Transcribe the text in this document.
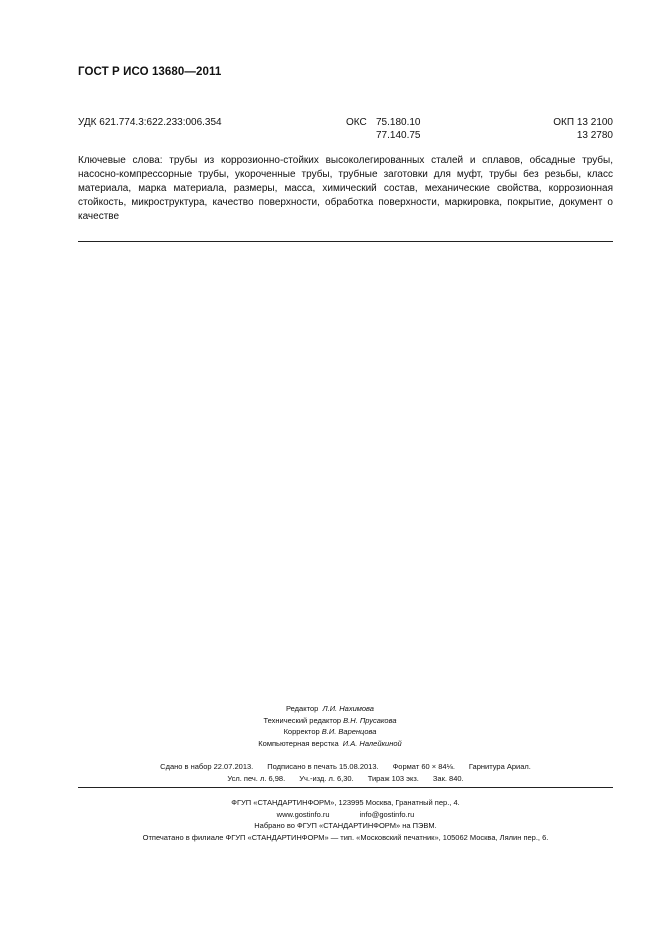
ГОСТ Р ИСО 13680—2011
УДК 621.774.3:622.233:006.354	ОКС 75.180.10
77.140.75
ОКП 13 2100
13 2780
Ключевые слова: трубы из коррозионно-стойких высоколегированных сталей и сплавов, обсадные трубы, насосно-компрессорные трубы, укороченные трубы, трубные заготовки для муфт, трубы без резьбы, класс материала, марка материала, размеры, масса, химический состав, механические свойства, коррозионная стойкость, микроструктура, качество поверхности, обработка поверхности, маркировка, покрытие, документ о качестве
Редактор Л.И. Нахимова
Технический редактор В.Н. Прусакова
Корректор В.И. Варенцова
Компьютерная верстка И.А. Налейкиной
Сдано в набор 22.07.2013. Подписано в печать 15.08.2013. Формат 60 × 84⅛. Гарнитура Ариал.
Усл. печ. л. 6,98. Уч.-изд. л. 6,30. Тираж 103 экз. Зак. 840.
ФГУП «СТАНДАРТИНФОРМ», 123995 Москва, Гранатный пер., 4.
www.gostinfo.ru	info@gostinfo.ru
Набрано во ФГУП «СТАНДАРТИНФОРМ» на ПЭВМ.
Отпечатано в филиале ФГУП «СТАНДАРТИНФОРМ» — тип. «Московский печатник», 105062 Москва, Лялин пер., 6.
